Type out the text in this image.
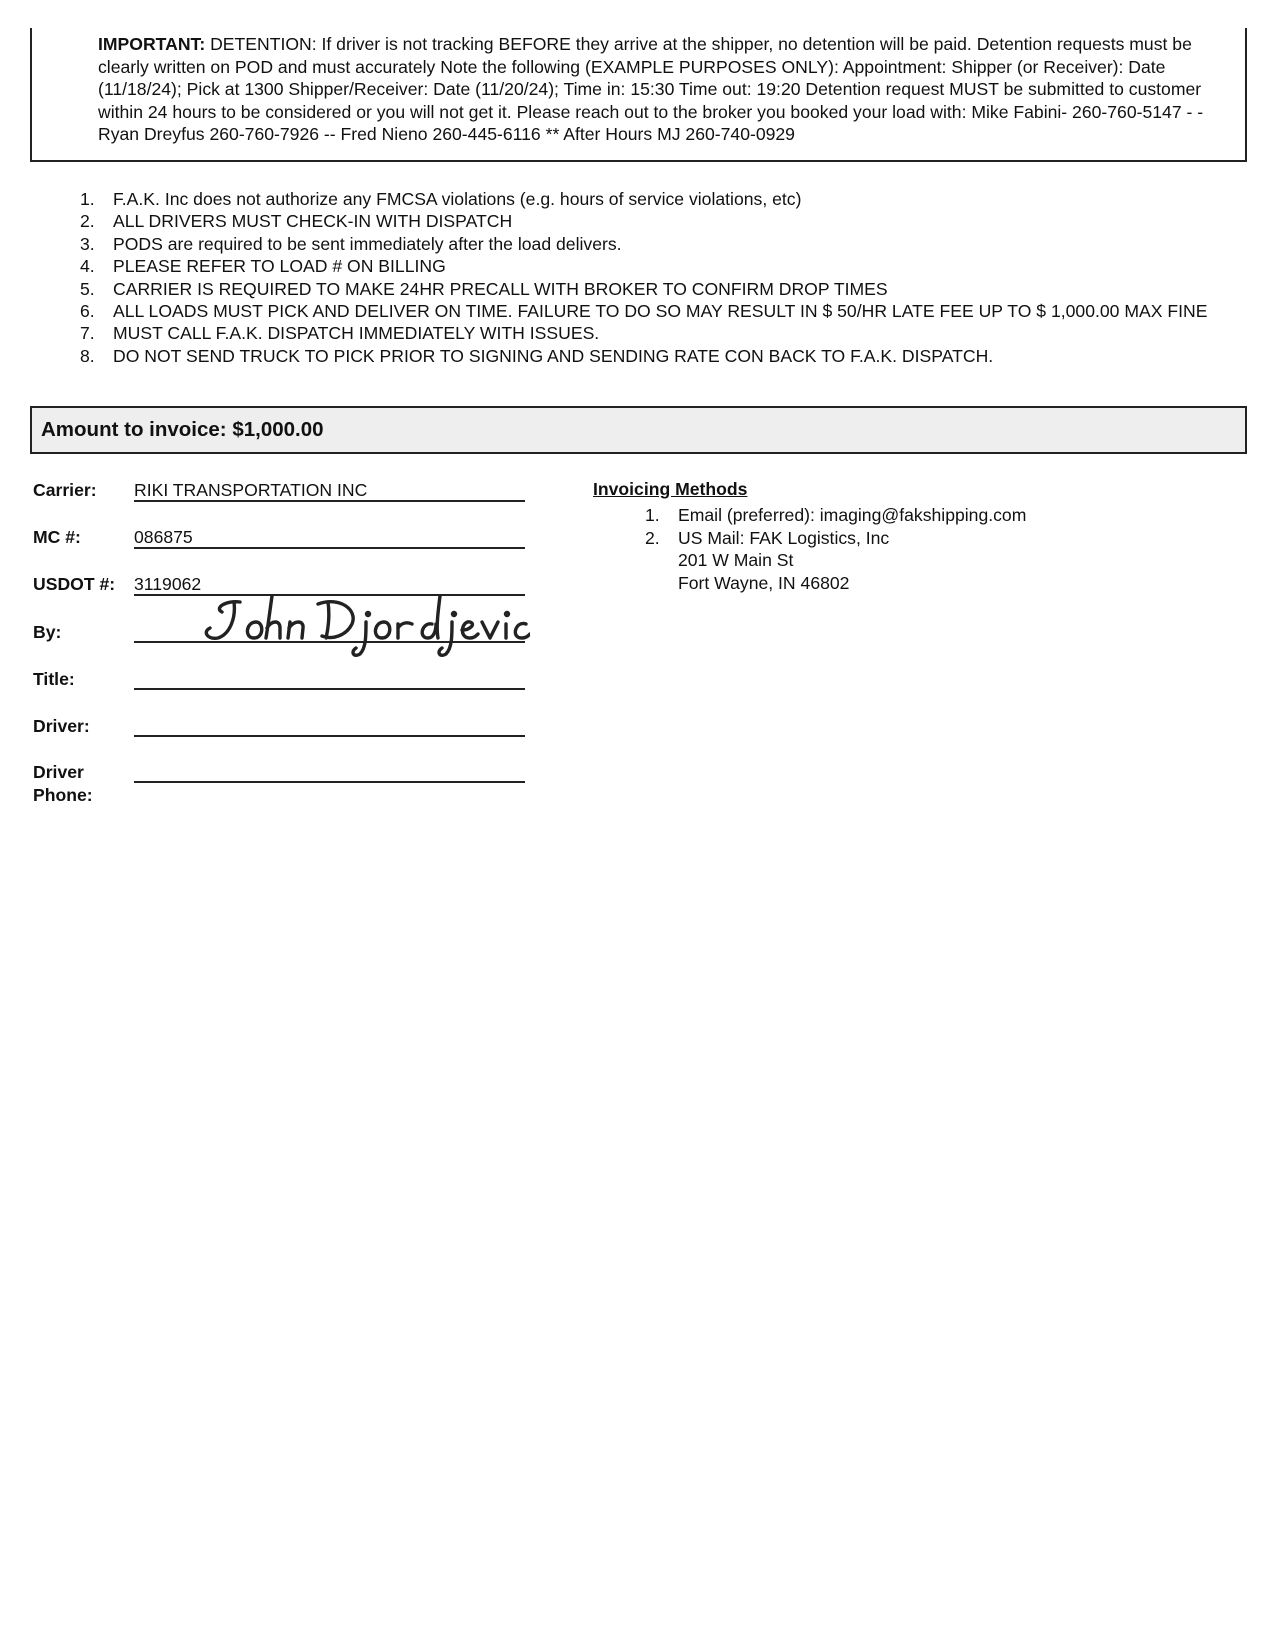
IMPORTANT: DETENTION: If driver is not tracking BEFORE they arrive at the shipper, no detention will be paid. Detention requests must be clearly written on POD and must accurately Note the following (EXAMPLE PURPOSES ONLY): Appointment: Shipper (or Receiver): Date (11/18/24); Pick at 1300 Shipper/Receiver: Date (11/20/24); Time in: 15:30 Time out: 19:20 Detention request MUST be submitted to customer within 24 hours to be considered or you will not get it. Please reach out to the broker you booked your load with: Mike Fabini- 260-760-5147 - - Ryan Dreyfus 260-760-7926 -- Fred Nieno 260-445-6116 ** After Hours MJ 260-740-0929

1. F.A.K. Inc does not authorize any FMCSA violations (e.g. hours of service violations, etc)
2. ALL DRIVERS MUST CHECK-IN WITH DISPATCH
3. PODS are required to be sent immediately after the load delivers.
4. PLEASE REFER TO LOAD # ON BILLING
5. CARRIER IS REQUIRED TO MAKE 24HR PRECALL WITH BROKER TO CONFIRM DROP TIMES
6. ALL LOADS MUST PICK AND DELIVER ON TIME. FAILURE TO DO SO MAY RESULT IN $ 50/HR LATE FEE UP TO $ 1,000.00 MAX FINE
7. MUST CALL F.A.K. DISPATCH IMMEDIATELY WITH ISSUES.
8. DO NOT SEND TRUCK TO PICK PRIOR TO SIGNING AND SENDING RATE CON BACK TO F.A.K. DISPATCH.
Amount to invoice: $1,000.00
Carrier: RIKI TRANSPORTATION INC
MC #:	086875
USDOT #: 3119062
By:
Title:
Driver:
Driver
Phone:
Invoicing Methods
1. Email (preferred): imaging@fakshipping.com
2. US Mail: FAK Logistics, Inc
201 W Main St
Fort Wayne, IN 46802
